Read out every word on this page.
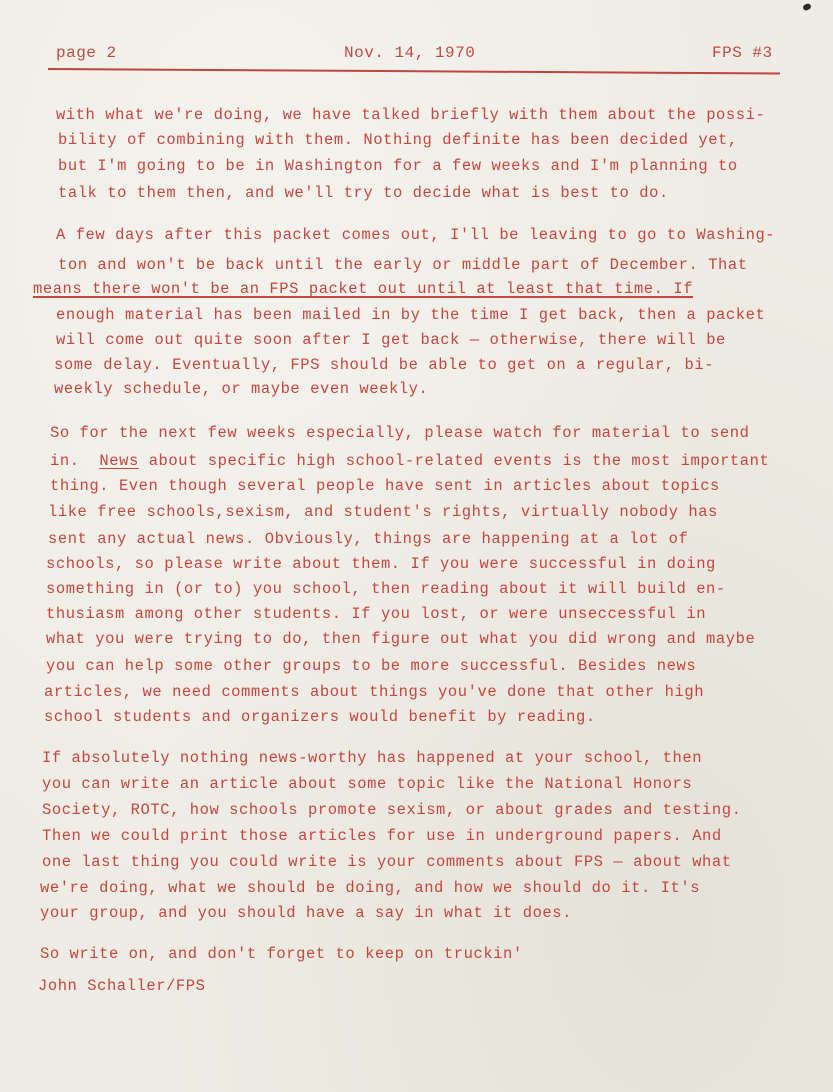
page 2	Nov. 14, 1970	FPS #3
with what we're doing, we have talked briefly with them about the possi-
bility of combining with them. Nothing definite has been decided yet,
but I'm going to be in Washington for a few weeks and I'm planning to
talk to them then, and we'll try to decide what is best to do.
A few days after this packet comes out, I'll be leaving to go to Washing-
ton and won't be back until the early or middle part of December. That
means there won't be an FPS packet out until at least that time. If
enough material has been mailed in by the time I get back, then a packet
will come out quite soon after I get back — otherwise, there will be
some delay. Eventually, FPS should be able to get on a regular, bi-
weekly schedule, or maybe even weekly.
So for the next few weeks especially, please watch for material to send
in. News about specific high school-related events is the most important
thing. Even though several people have sent in articles about topics
like free schools,sexism, and student's rights, virtually nobody has
sent any actual news. Obviously, things are happening at a lot of
schools, so please write about them. If you were successful in doing
something in (or to) you school, then reading about it will build en-
thusiasm among other students. If you lost, or were unseccessful in
what you were trying to do, then figure out what you did wrong and maybe
you can help some other groups to be more successful. Besides news
articles, we need comments about things you've done that other high
school students and organizers would benefit by reading.
If absolutely nothing news-worthy has happened at your school, then
you can write an article about some topic like the National Honors
Society, ROTC, how schools promote sexism, or about grades and testing.
Then we could print those articles for use in underground papers. And
one last thing you could write is your comments about FPS — about what
we're doing, what we should be doing, and how we should do it. It's
your group, and you should have a say in what it does.
So write on, and don't forget to keep on truckin'
John Schaller/FPS
